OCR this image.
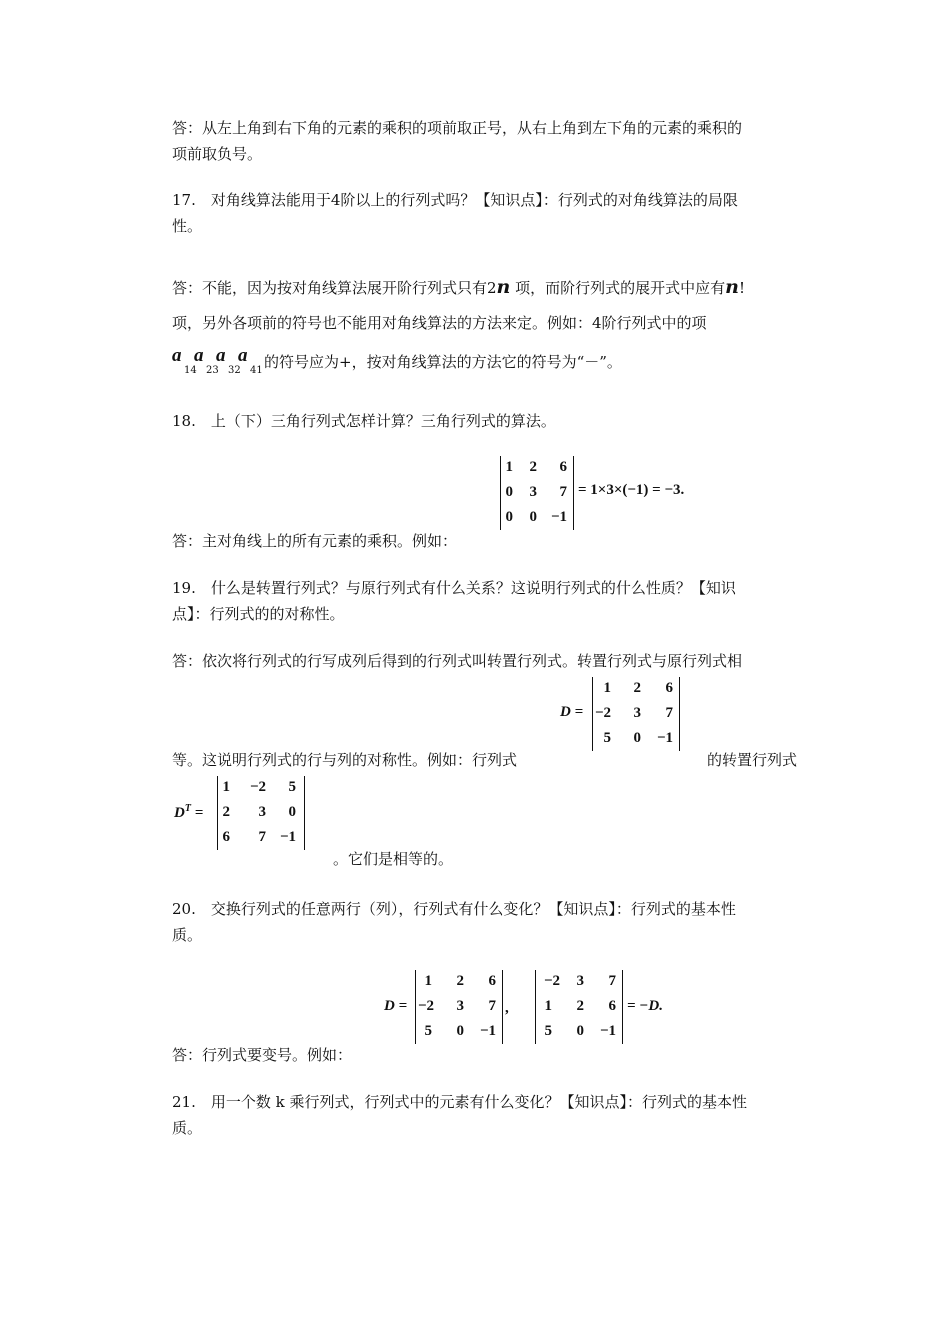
答：从左上角到右下角的元素的乘积的项前取正号，从右上角到左下角的元素的乘积的
项前取负号。
17.　对角线算法能用于4阶以上的行列式吗？【知识点】：行列式的对角线算法的局限
性。
答：不能，因为按对角线算法展开阶行列式只有2n 项，而阶行列式的展开式中应有n!
项，另外各项前的符号也不能用对角线算法的方法来定。例如：4阶行列式中的项
a a a a
14 23 32 41 的符号应为+，按对角线算法的方法它的符号为“－”。
18.　上（下）三角行列式怎样计算？三角行列式的算法。
1	2	6
0	3	7
0	0 −1
= 1×3×(−1) = −3.
答：主对角线上的所有元素的乘积。例如：
19.　什么是转置行列式？与原行列式有什么关系？这说明行列式的什么性质？【知识
点】：行列式的的对称性。
答：依次将行列式的行写成列后得到的行列式叫转置行列式。转置行列式与原行列式相
D =
1	2	6
−2	3	7
5	0	−1
等。这说明行列式的行与列的对称性。例如：行列式	的转置行列式
$D^T$ =
1	−2	5
2	3	0
6	7 −1
。它们是相等的。
20.　交换行列式的任意两行（列），行列式有什么变化？【知识点】：行列式的基本性
质。
D =
1	2	6
−2	3	7
5	0	−1
,
−2	3	7
1	2	6
5	0	−1
= −D.
答：行列式要变号。例如：
21.　用一个数 k 乘行列式，行列式中的元素有什么变化？【知识点】：行列式的基本性
质。
